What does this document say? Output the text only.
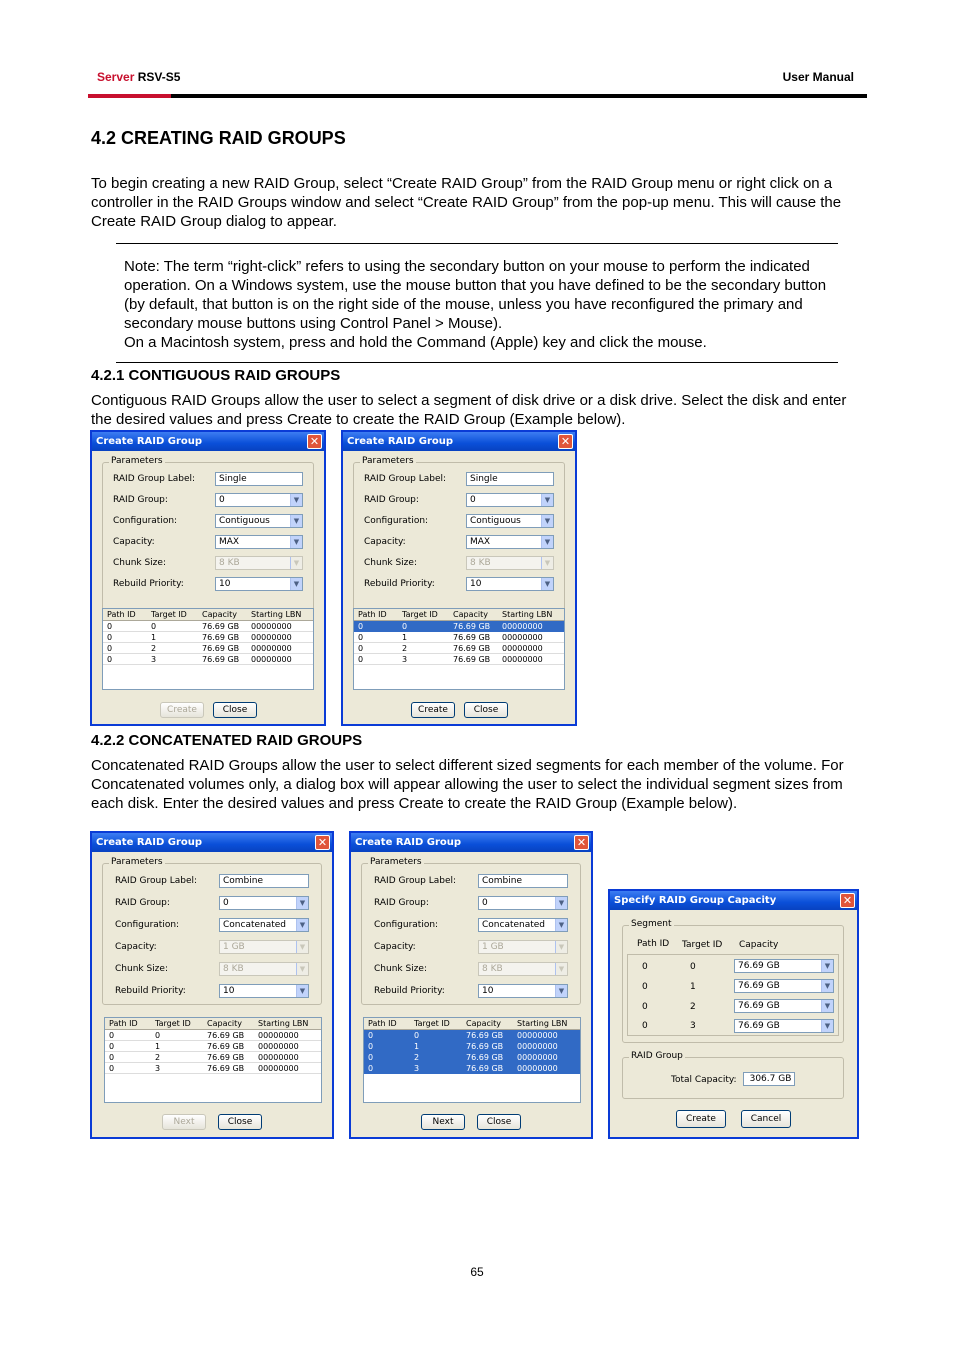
Server RSV-S5	User Manual
4.2 CREATING RAID GROUPS

To begin creating a new RAID Group, select “Create RAID Group” from the RAID Group menu or right click on a controller in the RAID Groups window and select “Create RAID Group” from the pop-up menu. This will cause the Create RAID Group dialog to appear.

Note: The term “right-click” refers to using the secondary button on your mouse to perform the indicated operation. On a Windows system, use the mouse button that you have defined to be the secondary button (by default, that button is on the right side of the mouse, unless you have reconfigured the primary and secondary mouse buttons using Control Panel > Mouse).
On a Macintosh system, press and hold the Command (Apple) key and click the mouse.
4.2.1 CONTIGUOUS RAID GROUPS

Contiguous RAID Groups allow the user to select a segment of disk drive or a disk drive. Select the disk and enter the desired values and press Create to create the RAID Group (Example below).

4.2.2 CONCATENATED RAID GROUPS

Concatenated RAID Groups allow the user to select different sized segments for each member of the volume. For Concatenated volumes only, a dialog box will appear allowing the user to select the individual segment sizes from each disk. Enter the desired values and press Create to create the RAID Group (Example below).

Create RAID Group	✕
Parameters
RAID Group Label:	Single
RAID Group:	0	▼
Configuration:	Contiguous	▼
Capacity:	MAX	▼
Chunk Size:	8 KB	▼
Rebuild Priority:	10	▼
Path ID Target ID Capacity Starting LBN
0	0	76.69 GB 00000000
0	1	76.69 GB 00000000
0	2	76.69 GB 00000000
0	3	76.69 GB 00000000
Create	Close
Create RAID Group	✕
Parameters
RAID Group Label:	Single
RAID Group:	0	▼
Configuration:	Contiguous	▼
Capacity:	MAX	▼
Chunk Size:	8 KB	▼
Rebuild Priority:	10	▼
Path ID Target ID Capacity Starting LBN
0	0	76.69 GB 00000000
0	1	76.69 GB 00000000
0	2	76.69 GB 00000000
0	3	76.69 GB 00000000
Create	Close
Create RAID Group	✕
Parameters
RAID Group Label:	Combine
RAID Group:	0	▼
Configuration:	Concatenated	▼
Capacity:	1 GB	▼
Chunk Size:	8 KB	▼
Rebuild Priority:	10	▼
Path ID Target ID Capacity Starting LBN
0	0	76.69 GB 00000000
0	1	76.69 GB 00000000
0	2	76.69 GB 00000000
0	3	76.69 GB 00000000
Next	Close
Create RAID Group	✕
Parameters
RAID Group Label:	Combine
RAID Group:	0	▼
Configuration:	Concatenated	▼
Capacity:	1 GB	▼
Chunk Size:	8 KB	▼
Rebuild Priority:	10	▼
Path ID Target ID Capacity Starting LBN
0	0	76.69 GB 00000000
0	1	76.69 GB 00000000
0	2	76.69 GB 00000000
0	3	76.69 GB 00000000
Next	Close
Specify RAID Group Capacity	✕
Segment
Path ID Target ID Capacity
0	0	76.69 GB	▼
0	1	76.69 GB	▼
0	2	76.69 GB	▼
0	3	76.69 GB	▼
RAID Group
Total Capacity:	306.7 GB
Create	Cancel
65
